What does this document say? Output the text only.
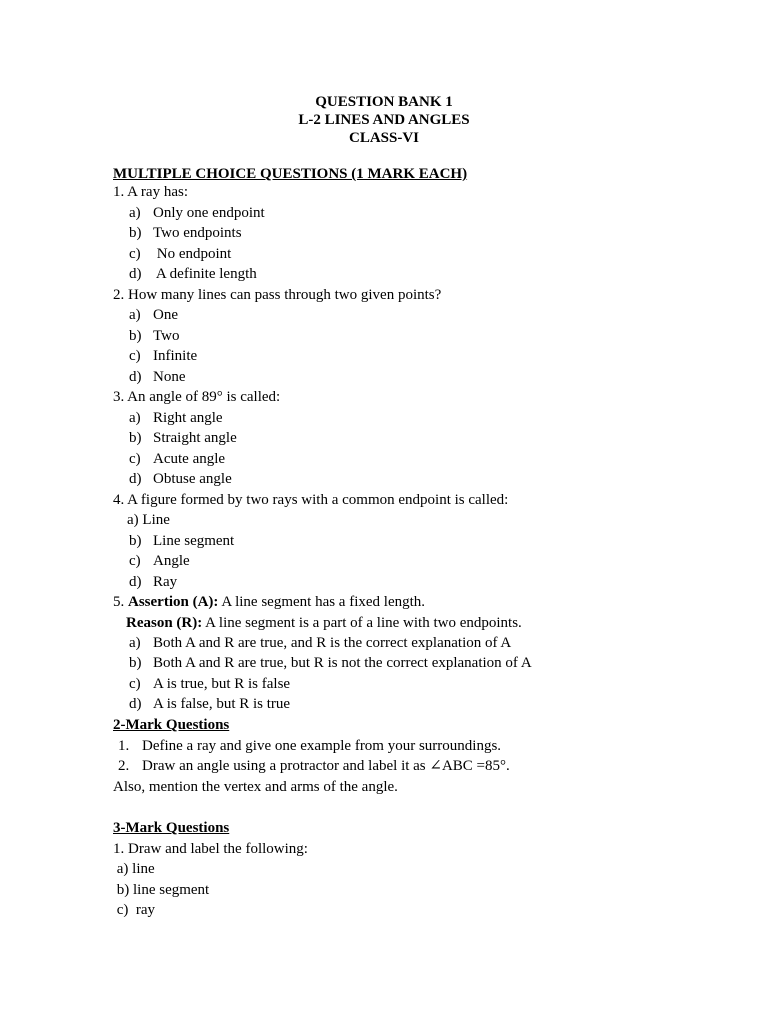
QUESTION BANK 1
L-2 LINES AND ANGLES
CLASS-VI
MULTIPLE CHOICE QUESTIONS (1 MARK EACH)
1. A ray has:
a) Only one endpoint
b) Two endpoints
c) No endpoint
d) A definite length
2. How many lines can pass through two given points?
a) One
b) Two
c) Infinite
d) None
3. An angle of 89° is called:
a) Right angle
b) Straight angle
c) Acute angle
d) Obtuse angle
4. A figure formed by two rays with a common endpoint is called:
a) Line
b) Line segment
c) Angle
d) Ray
5. Assertion (A): A line segment has a fixed length.
Reason (R): A line segment is a part of a line with two endpoints.
a) Both A and R are true, and R is the correct explanation of A
b) Both A and R are true, but R is not the correct explanation of A
c) A is true, but R is false
d) A is false, but R is true
2-Mark Questions
1. Define a ray and give one example from your surroundings.
2. Draw an angle using a protractor and label it as ∠ABC =85°.
Also, mention the vertex and arms of the angle.
3-Mark Questions
1. Draw and label the following:
a) line
b) line segment
c)  ray
